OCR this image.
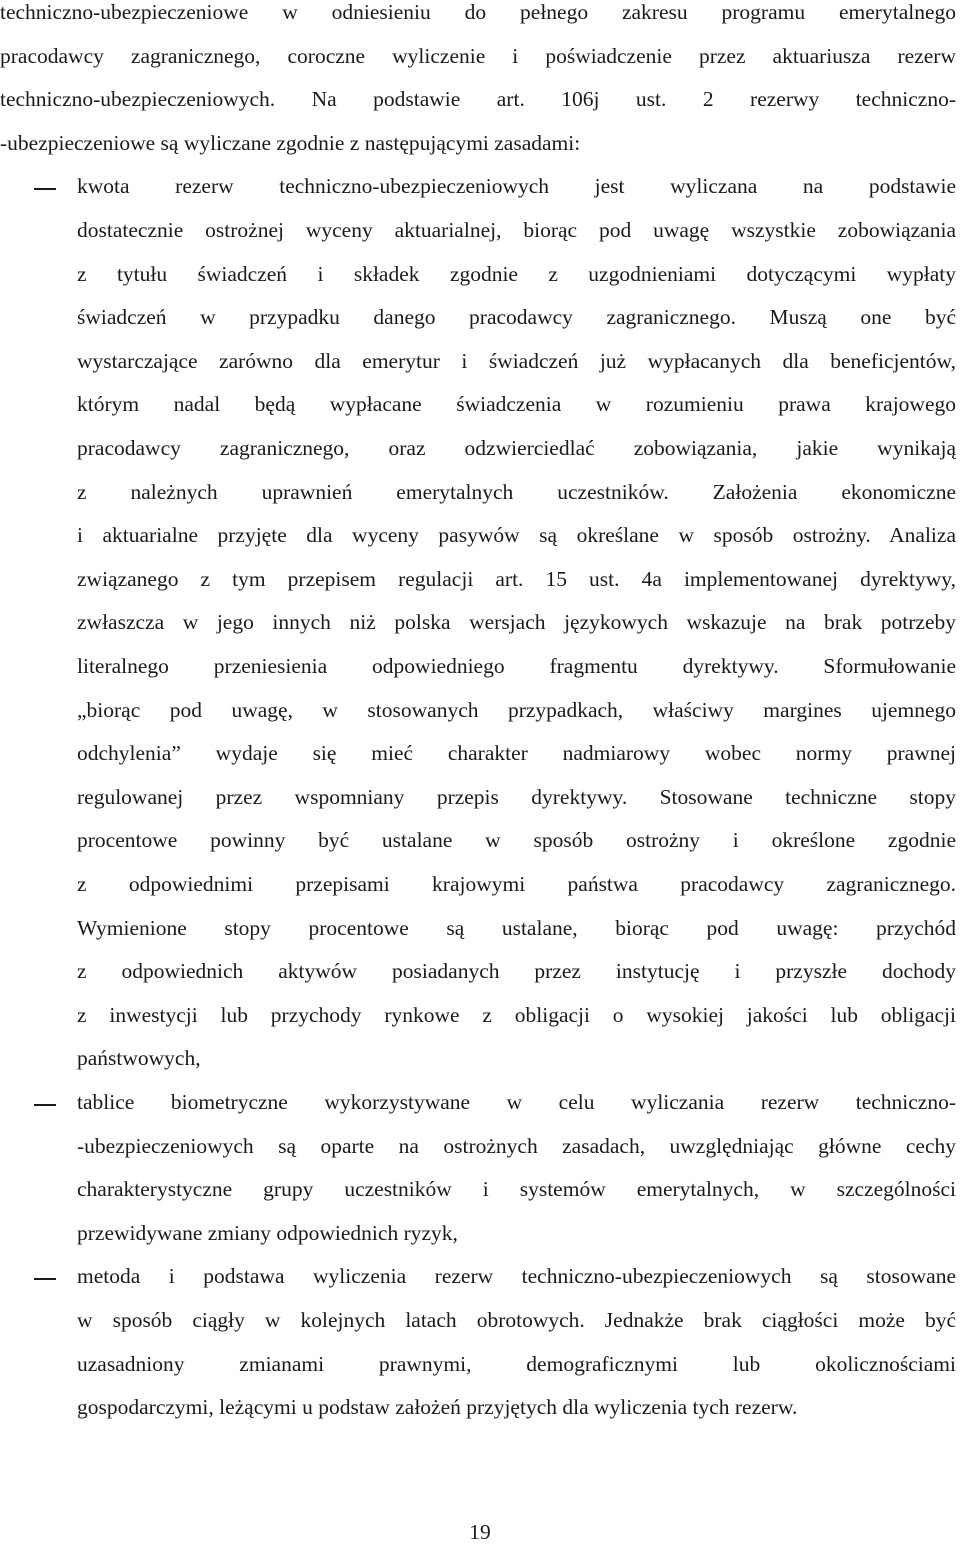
techniczno-ubezpieczeniowe w odniesieniu do pełnego zakresu programu emerytalnego
pracodawcy zagranicznego, coroczne wyliczenie i poświadczenie przez aktuariusza rezerw
techniczno-ubezpieczeniowych. Na podstawie art. 106j ust. 2 rezerwy techniczno-
-ubezpieczeniowe są wyliczane zgodnie z następującymi zasadami:
kwota rezerw techniczno-ubezpieczeniowych jest wyliczana na podstawie
dostatecznie ostrożnej wyceny aktuarialnej, biorąc pod uwagę wszystkie zobowiązania
z tytułu świadczeń i składek zgodnie z uzgodnieniami dotyczącymi wypłaty
świadczeń w przypadku danego pracodawcy zagranicznego. Muszą one być
wystarczające zarówno dla emerytur i świadczeń już wypłacanych dla beneficjentów,
którym nadal będą wypłacane świadczenia w rozumieniu prawa krajowego
pracodawcy zagranicznego, oraz odzwierciedlać zobowiązania, jakie wynikają
z należnych uprawnień emerytalnych uczestników. Założenia ekonomiczne
i aktuarialne przyjęte dla wyceny pasywów są określane w sposób ostrożny. Analiza
związanego z tym przepisem regulacji art. 15 ust. 4a implementowanej dyrektywy,
zwłaszcza w jego innych niż polska wersjach językowych wskazuje na brak potrzeby
literalnego przeniesienia odpowiedniego fragmentu dyrektywy. Sformułowanie
„biorąc pod uwagę, w stosowanych przypadkach, właściwy margines ujemnego
odchylenia” wydaje się mieć charakter nadmiarowy wobec normy prawnej
regulowanej przez wspomniany przepis dyrektywy. Stosowane techniczne stopy
procentowe powinny być ustalane w sposób ostrożny i określone zgodnie
z odpowiednimi przepisami krajowymi państwa pracodawcy zagranicznego.
Wymienione stopy procentowe są ustalane, biorąc pod uwagę: przychód
z odpowiednich aktywów posiadanych przez instytucję i przyszłe dochody
z inwestycji lub przychody rynkowe z obligacji o wysokiej jakości lub obligacji
państwowych,
tablice biometryczne wykorzystywane w celu wyliczania rezerw techniczno-
-ubezpieczeniowych są oparte na ostrożnych zasadach, uwzględniając główne cechy
charakterystyczne grupy uczestników i systemów emerytalnych, w szczególności
przewidywane zmiany odpowiednich ryzyk,
metoda i podstawa wyliczenia rezerw techniczno-ubezpieczeniowych są stosowane
w sposób ciągły w kolejnych latach obrotowych. Jednakże brak ciągłości może być
uzasadniony zmianami prawnymi, demograficznymi lub okolicznościami
gospodarczymi, leżącymi u podstaw założeń przyjętych dla wyliczenia tych rezerw.
19
